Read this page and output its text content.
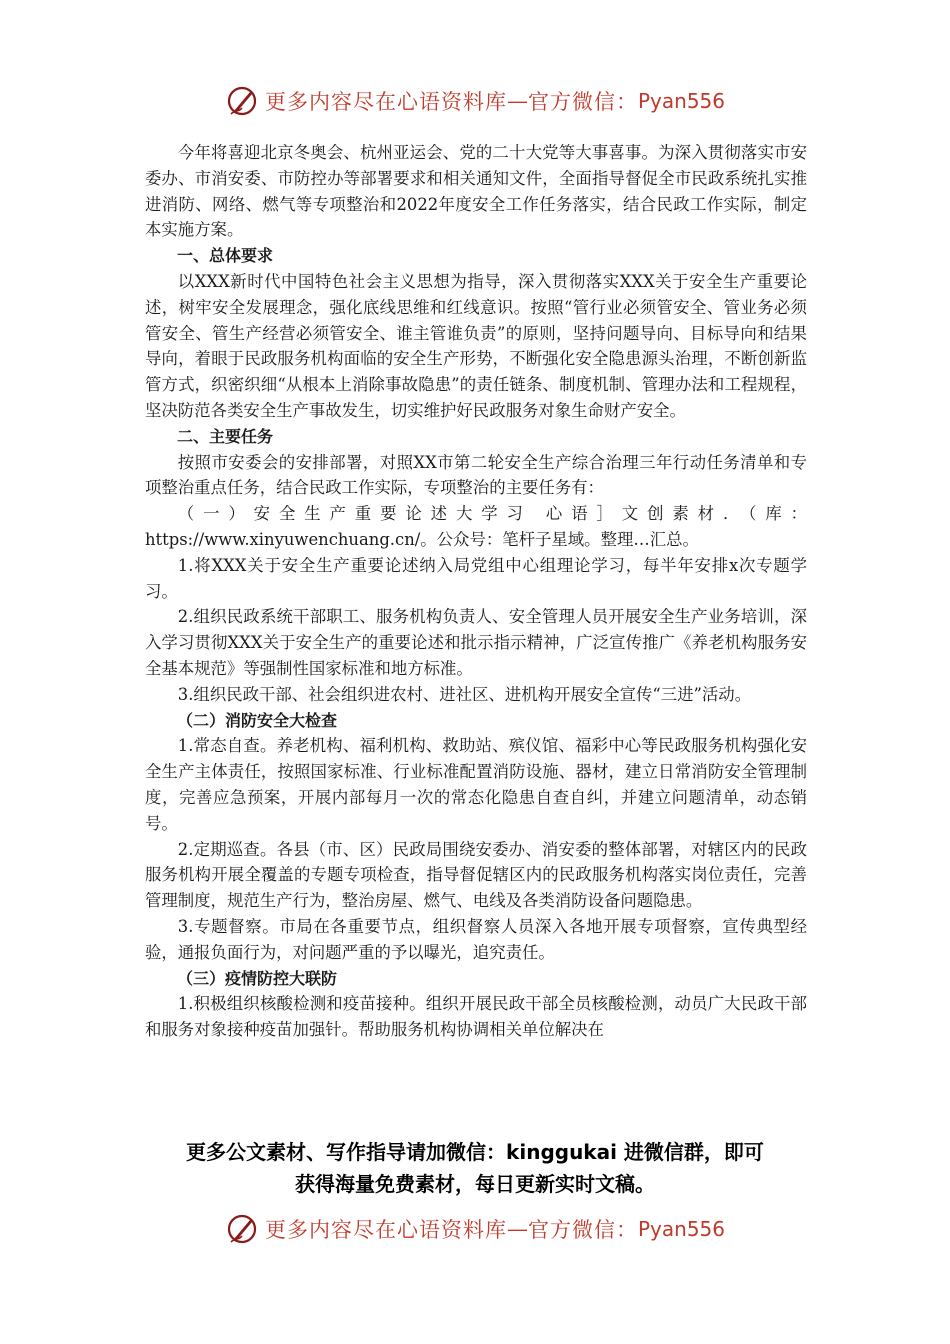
更多内容尽在心语资料库 — 官方微信： Pyan556

今年将喜迎北京冬奥会、杭州亚运会、党的二十大党等大事喜事。为深入贯彻落实市安委办、市消安委、市防控办等部署要求和相关通知文件，全面指导督促全市民政系统扎实推进消防、网络、燃气等专项整治和2022年度安全工作任务落实，结合民政工作实际，制定本实施方案。

一、总体要求

以XXX新时代中国特色社会主义思想为指导，深入贯彻落实XXX关于安全生产重要论述，树牢安全发展理念，强化底线思维和红线意识。按照“管行业必须管安全、管业务必须管安全、管生产经营必须管安全、谁主管谁负责”的原则，坚持问题导向、目标导向和结果导向，着眼于民政服务机构面临的安全生产形势，不断强化安全隐患源头治理，不断创新监管方式，织密织细“从根本上消除事故隐患”的责任链条、制度机制、管理办法和工程规程，坚决防范各类安全生产事故发生，切实维护好民政服务对象生命财产安全。

二、主要任务

按照市安委会的安排部署，对照XX市第二轮安全生产综合治理三年行动任务清单和专项整治重点任务，结合民政工作实际，专项整治的主要任务有：

（一）安全生产重要论述大学习 心语］文创素材．（库：https://www.xinyuwenchuang.cn/。公众号：笔杆子星域。整理…汇总。

1.将XXX关于安全生产重要论述纳入局党组中心组理论学习，每半年安排x次专题学习。

2.组织民政系统干部职工、服务机构负责人、安全管理人员开展安全生产业务培训，深入学习贯彻XXX关于安全生产的重要论述和批示指示精神，广泛宣传推广《养老机构服务安全基本规范》等强制性国家标准和地方标准。

3.组织民政干部、社会组织进农村、进社区、进机构开展安全宣传“三进”活动。

（二）消防安全大检查

1.常态自查。养老机构、福利机构、救助站、殡仪馆、福彩中心等民政服务机构强化安全生产主体责任，按照国家标准、行业标准配置消防设施、器材，建立日常消防安全管理制度，完善应急预案，开展内部每月一次的常态化隐患自查自纠，并建立问题清单，动态销号。

2.定期巡查。各县（市、区）民政局围绕安委办、消安委的整体部署，对辖区内的民政服务机构开展全覆盖的专题专项检查，指导督促辖区内的民政服务机构落实岗位责任，完善管理制度，规范生产行为，整治房屋、燃气、电线及各类消防设备问题隐患。

3.专题督察。市局在各重要节点，组织督察人员深入各地开展专项督察，宣传典型经验，通报负面行为，对问题严重的予以曝光，追究责任。

（三）疫情防控大联防

1.积极组织核酸检测和疫苗接种。组织开展民政干部全员核酸检测，动员广大民政干部和服务对象接种疫苗加强针。帮助服务机构协调相关单位解决在

更多公文素材、写作指导请加微信：kinggukai 进微信群，即可
获得海量免费素材，每日更新实时文稿。
更多内容尽在心语资料库 — 官方微信： Pyan556
